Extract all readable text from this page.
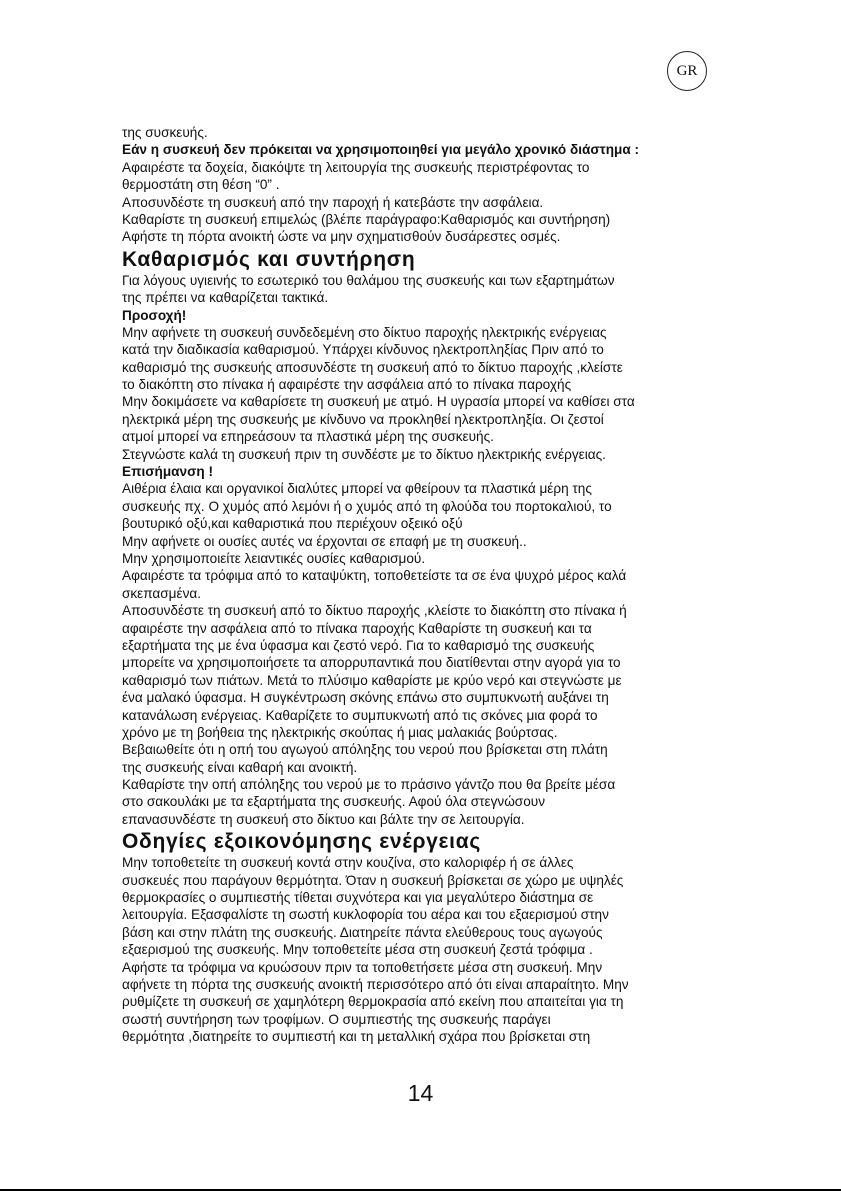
GR
της συσκευής.
Εάν η συσκευή δεν πρόκειται να χρησιμοποιηθεί για μεγάλο χρονικό διάστημα :
Αφαιρέστε τα δοχεία, διακόψτε τη λειτουργία της συσκευής περιστρέφοντας το
θερμοστάτη στη θέση “0” .
Αποσυνδέστε τη συσκευή από την παροχή ή κατεβάστε την ασφάλεια.
Καθαρίστε τη συσκευή επιμελώς (βλέπε παράγραφο:Καθαρισμός και συντήρηση)
Αφήστε τη πόρτα ανοικτή ώστε να μην σχηματισθούν δυσάρεστες οσμές.
Καθαρισμός και συντήρηση
Για λόγους υγιεινής το εσωτερικό του θαλάμου της συσκευής και των εξαρτημάτων
της πρέπει να καθαρίζεται τακτικά.
Προσοχή!
Μην αφήνετε τη συσκευή συνδεδεμένη στο δίκτυο παροχής ηλεκτρικής ενέργειας
κατά την διαδικασία καθαρισμού. Υπάρχει κίνδυνος ηλεκτροπληξίας Πριν από το
καθαρισμό της συσκευής αποσυνδέστε τη συσκευή από το δίκτυο παροχής ,κλείστε
το διακόπτη στο πίνακα ή αφαιρέστε την ασφάλεια από το πίνακα παροχής
Μην δοκιμάσετε να καθαρίσετε τη συσκευή με ατμό. Η υγρασία μπορεί να καθίσει στα
ηλεκτρικά μέρη της συσκευής με κίνδυνο να προκληθεί ηλεκτροπληξία. Οι ζεστοί
ατμοί μπορεί να επηρεάσουν τα πλαστικά μέρη της συσκευής.
Στεγνώστε καλά τη συσκευή πριν τη συνδέστε με το δίκτυο ηλεκτρικής ενέργειας.
Επισήμανση !
Αιθέρια έλαια και οργανικοί διαλύτες μπορεί να φθείρουν τα πλαστικά μέρη της
συσκευής πχ. Ο χυμός από λεμόνι ή ο χυμός από τη φλούδα του πορτοκαλιού, το
βουτυρικό οξύ,και καθαριστικά που περιέχουν οξεικό οξύ
Μην αφήνετε οι ουσίες αυτές να έρχονται σε επαφή με τη συσκευή..
Μην χρησιμοποιείτε λειαντικές ουσίες καθαρισμού.
Αφαιρέστε τα τρόφιμα από το καταψύκτη, τοποθετείστε τα σε ένα ψυχρό μέρος καλά
σκεπασμένα.
Αποσυνδέστε τη συσκευή από το δίκτυο παροχής ,κλείστε το διακόπτη στο πίνακα ή
αφαιρέστε την ασφάλεια από το πίνακα παροχής Καθαρίστε τη συσκευή και τα
εξαρτήματα της με ένα ύφασμα και ζεστό νερό. Για το καθαρισμό της συσκευής
μπορείτε να χρησιμοποιήσετε τα απορρυπαντικά που διατίθενται στην αγορά για το
καθαρισμό των πιάτων. Μετά το πλύσιμο καθαρίστε με κρύο νερό και στεγνώστε με
ένα μαλακό ύφασμα. Η συγκέντρωση σκόνης επάνω στο συμπυκνωτή αυξάνει τη
κατανάλωση ενέργειας. Καθαρίζετε το συμπυκνωτή από τις σκόνες μια φορά το
χρόνο με τη βοήθεια της ηλεκτρικής σκούπας ή μιας μαλακιάς βούρτσας.
Βεβαιωθείτε ότι η οπή του αγωγού απόληξης του νερού που βρίσκεται στη πλάτη
της συσκευής είναι καθαρή και ανοικτή.
Καθαρίστε την οπή απόληξης του νερού με το πράσινο γάντζο που θα βρείτε μέσα
στο σακουλάκι με τα εξαρτήματα της συσκευής. Αφού όλα στεγνώσουν
επανασυνδέστε τη συσκευή στο δίκτυο και βάλτε την σε λειτουργία.
Οδηγίες εξοικονόμησης ενέργειας
Μην τοποθετείτε τη συσκευή κοντά στην κουζίνα, στο καλοριφέρ ή σε άλλες
συσκευές που παράγουν θερμότητα. Όταν η συσκευή βρίσκεται σε χώρο με υψηλές
θερμοκρασίες ο συμπιεστής τίθεται συχνότερα και για μεγαλύτερο διάστημα σε
λειτουργία. Εξασφαλίστε τη σωστή κυκλοφορία του αέρα και του εξαερισμού στην
βάση και στην πλάτη της συσκευής. Διατηρείτε πάντα ελεύθερους τους αγωγούς
εξαερισμού της συσκευής. Μην τοποθετείτε μέσα στη συσκευή ζεστά τρόφιμα .
Αφήστε τα τρόφιμα να κρυώσουν πριν τα τοποθετήσετε μέσα στη συσκευή. Μην
αφήνετε τη πόρτα της συσκευής ανοικτή περισσότερο από ότι είναι απαραίτητο. Μην
ρυθμίζετε τη συσκευή σε χαμηλότερη θερμοκρασία από εκείνη που απαιτείται για τη
σωστή συντήρηση των τροφίμων. Ο συμπιεστής της συσκευής παράγει
θερμότητα ,διατηρείτε το συμπιεστή και τη μεταλλική σχάρα που βρίσκεται στη
14
